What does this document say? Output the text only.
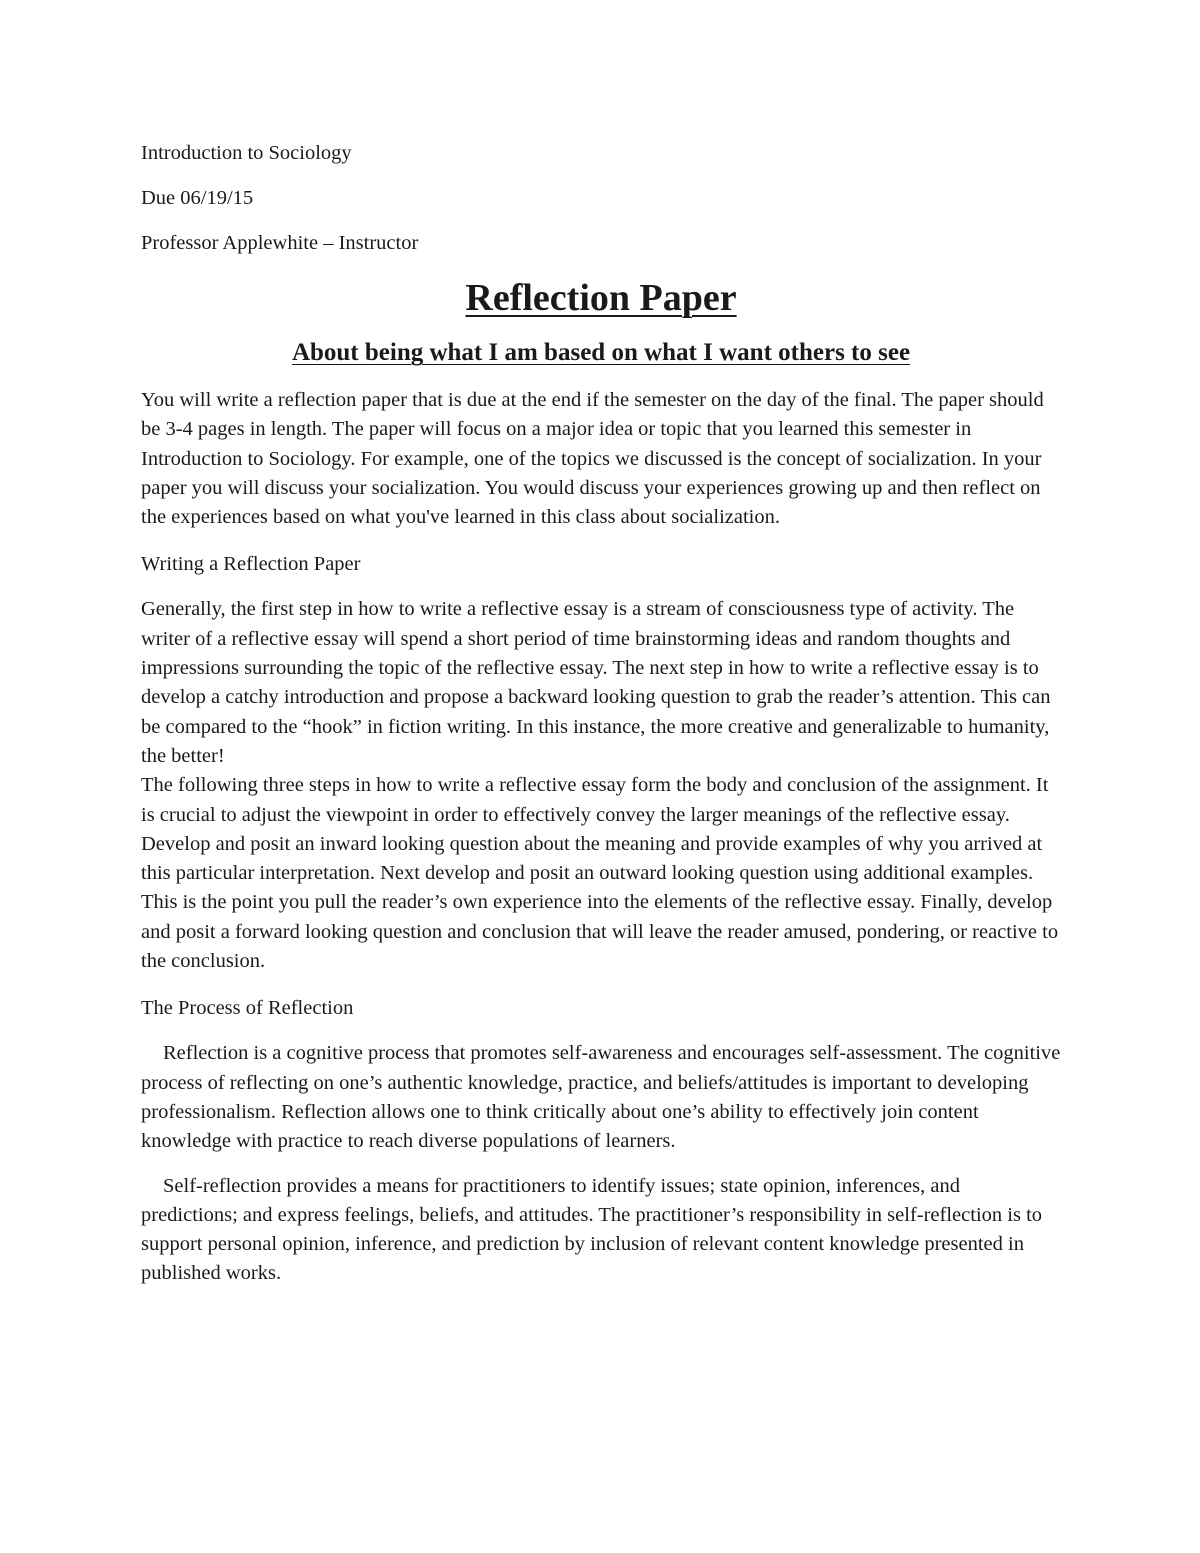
Introduction to Sociology

Due 06/19/15

Professor Applewhite – Instructor

Reflection Paper
About being what I am based on what I want others to see

You will write a reflection paper that is due at the end if the semester on the day of the final. The paper should be 3-4 pages in length. The paper will focus on a major idea or topic that you learned this semester in Introduction to Sociology. For example, one of the topics we discussed is the concept of socialization. In your paper you will discuss your socialization. You would discuss your experiences growing up and then reflect on the experiences based on what you've learned in this class about socialization.

Writing a Reflection Paper

Generally, the first step in how to write a reflective essay is a stream of consciousness type of activity. The writer of a reflective essay will spend a short period of time brainstorming ideas and random thoughts and impressions surrounding the topic of the reflective essay. The next step in how to write a reflective essay is to develop a catchy introduction and propose a backward looking question to grab the reader’s attention. This can be compared to the “hook” in fiction writing. In this instance, the more creative and generalizable to humanity, the better!

The following three steps in how to write a reflective essay form the body and conclusion of the assignment. It is crucial to adjust the viewpoint in order to effectively convey the larger meanings of the reflective essay. Develop and posit an inward looking question about the meaning and provide examples of why you arrived at this particular interpretation. Next develop and posit an outward looking question using additional examples. This is the point you pull the reader’s own experience into the elements of the reflective essay. Finally, develop and posit a forward looking question and conclusion that will leave the reader amused, pondering, or reactive to the conclusion.

The Process of Reflection

Reflection is a cognitive process that promotes self-awareness and encourages self-assessment. The cognitive process of reflecting on one’s authentic knowledge, practice, and beliefs/attitudes is important to developing professionalism. Reflection allows one to think critically about one’s ability to effectively join content knowledge with practice to reach diverse populations of learners.

Self-reflection provides a means for practitioners to identify issues; state opinion, inferences, and predictions; and express feelings, beliefs, and attitudes. The practitioner’s responsibility in self-reflection is to support personal opinion, inference, and prediction by inclusion of relevant content knowledge presented in published works.
